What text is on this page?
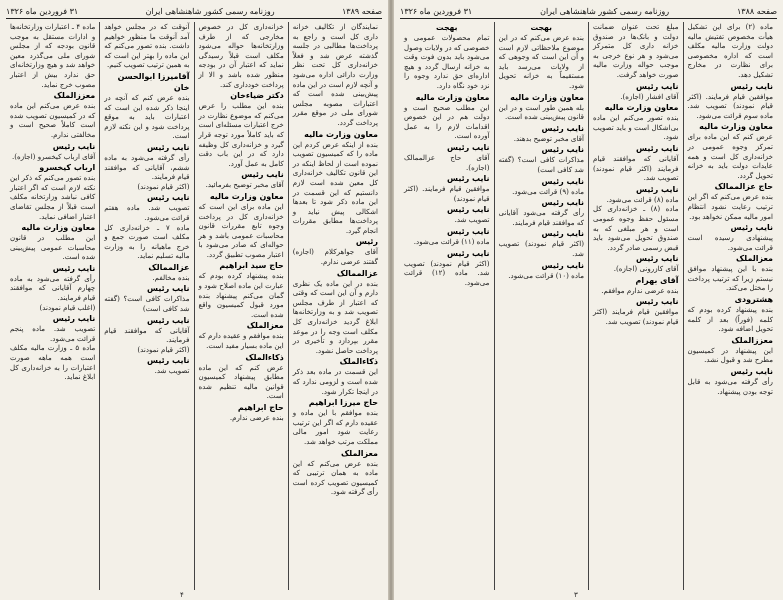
صفحه ۱۳۸۹
روزنامه رسمی کشور شاهنشاهی ایران
۳۱ فروردین ماه ۱۳۲۶

نمایندگان از تکالیف خزانه داری کل است و راجع به پرداخت‌ها مطالبی در جلسه گذشته عرض شد و فعلاً خزانه‌داری کل تحت نظر وزارت دارائی اداره می‌شود و آنچه لازم است در این ماده پیش‌بینی شده است که اعتبارات مصوبه مجلس شورای ملی در موقع مقرر پرداخت گردد.

معاون وزارت مالیه

بنده از اینکه عرض کردم این ماده را که کمیسیون تصویب نموده است از لحاظ اینکه در این قانون تکالیف خزانه‌داری کل معین شده است لازم دانستیم که این قسمت در این ماده ذکر شود تا بعدها اشکالی پیش نیاید و پرداخت‌ها مطابق مقررات انجام گیرد.

رئیس

آقای جواهرکلام (اجازه) گفتند عرضی ندارم.

عزالممالک

بنده در این ماده یک نظری دارم و آن این است که وقتی که اعتبار از طرف مجلس تصویب شد و به وزارتخانه‌ها ابلاغ گردید خزانه‌داری کل مکلف است وجه را در موعد مقرر بپردازد و تأخیری در پرداخت حاصل نشود.

ذکاءالملک

این قسمت در ماده بعد ذکر شده است و لزومی ندارد که در اینجا تکرار شود.

حاج میرزا ابراهیم

بنده موافقم با این ماده و عقیده دارم که اگر این ترتیب رعایت شود امور مالی مملکت مرتب خواهد شد.

معزالملک

بنده عرض می‌کنم که این ماده به همان ترتیبی که کمیسیون تصویب کرده است رأی گرفته شود.

خزانه‌داری کل در خصوص مخارجی که از طرف وزارتخانه‌ها حواله می‌شود مکلف است قبلاً رسیدگی نماید که اعتبار آن در بودجه منظور شده باشد و الا از پرداخت خودداری کند.

دکتر ضیاءخان

بنده این مطلب را عرض می‌کنم که موضوع نظارت در خرج اعتبارات مسئله‌ای است که باید کاملاً مورد توجه قرار گیرد و خزانه‌داری کل وظیفه دارد که در این باب دقت کامل به عمل آورد.

نایب رئیس

آقای مخبر توضیح بفرمائید.

معاون وزارت مالیه

این ماده برای این است که خزانه‌داری کل در پرداخت وجوه تابع مقررات قانون محاسبات عمومی باشد و هر حواله‌ای که صادر می‌شود با اعتبار مصوب تطبیق گردد.

حاج سید ابراهیم

بنده پیشنهاد کرده بودم که عبارت این ماده اصلاح شود و گمان می‌کنم پیشنهاد بنده مورد قبول کمیسیون واقع شده است.

معزالملک

بنده موافقم و عقیده دارم که این ماده بسیار مفید است.

ذکاءالملک

عرض کنم که این ماده مطابق پیشنهاد کمیسیون قوانین مالیه تنظیم شده است.

حاج ابراهیم

بنده عرضی ندارم.

آنوقت که در مجلس خواهد آمد آنوقت ما منظور خواهیم داشت. بنده تصور می‌کنم که این ماده را بهتر این است که به همین ترتیب تصویب کنیم.

آقامیرزا ابوالحسن خان

بنده عرض کنم که آنچه در اینجا ذکر شده این است که اعتبارات باید به موقع پرداخت شود و این نکته لازم است.

نایب رئیس

رأی گرفته می‌شود به ماده ششم، آقایانی که موافقند قیام فرمایند.

(اکثر قیام نمودند)

نایب رئیس

تصویب شد. ماده هفتم قرائت می‌شود.

ماده ۷ ـ خزانه‌داری کل مکلف است صورت جمع و خرج ماهیانه را به وزارت مالیه تسلیم نماید.

عزالممالک

بنده مخالفم.

نایب رئیس

مذاکرات کافی است؟ (گفته شد کافی است)

نایب رئیس

آقایانی که موافقند قیام فرمایند.

(اکثر قیام نمودند)

نایب رئیس

تصویب شد.

ماده ۴ ـ اعتبارات وزارتخانه‌ها و ادارات مستقل به موجب قانون بودجه که از مجلس شورای ملی می‌گذرد معین خواهد شد و هیچ وزارتخانه‌ای حق ندارد بیش از اعتبار مصوب خرج نماید.

معززالملک

بنده عرض می‌کنم این ماده که در کمیسیون تصویب شده است کاملاً صحیح است و مخالفتی ندارم.

نایب رئیس

آقای ارباب کیخسرو (اجازه).

ارباب کیخسرو

بنده تصور می‌کنم که ذکر این نکته لازم است که اگر اعتبار کافی نباشد وزارتخانه مکلف است قبلاً از مجلس تقاضای اعتبار اضافی نماید.

معاون وزارت مالیه

این مطلب در قانون محاسبات عمومی پیش‌بینی شده است.

نایب رئیس

رأی گرفته می‌شود به ماده چهارم آقایانی که موافقند قیام فرمایند.

(اغلب قیام نمودند)

نایب رئیس

تصویب شد. ماده پنجم قرائت می‌شود.

ماده ۵ ـ وزارت مالیه مکلف است همه ماهه صورت اعتبارات را به خزانه‌داری کل ابلاغ نماید.

۴
صفحه ۱۳۸۸
روزنامه رسمی کشور شاهنشاهی ایران
۳۱ فروردین ماه ۱۳۲۶

ماده (۲) برای این تشکیل هیأت مخصوص تفتیش مالیه دولت وزارت مالیه مکلف است که اداره مخصوصی برای نظارت در مخارج تشکیل دهد.

نایب رئیس

موافقین قیام فرمایند. (اکثر قیام نمودند) تصویب شد. ماده سوم قرائت می‌شود.

معاون وزارت مالیه

عرض کنم که این ماده برای تمرکز وجوه عمومی در خزانه‌داری کل است و همه عایدات دولت باید به خزانه تحویل گردد.

حاج عزالممالک

بنده عرض می‌کنم که اگر این ترتیب رعایت نشود انتظام امور مالیه ممکن نخواهد بود.

نایب رئیس

پیشنهادی رسیده است قرائت می‌شود.

معزالملک

بنده با این پیشنهاد موافق نیستم زیرا که ترتیب پرداخت را مختل می‌کند.

هشترودی

بنده پیشنهاد کرده بودم که کلمه (فوراً) بعد از کلمه تحویل اضافه شود.

معززالملک

این پیشنهاد در کمیسیون مطرح شد و قبول نشد.

نایب رئیس

رأی گرفته می‌شود به قابل توجه بودن پیشنهاد.

مبلغ تحت عنوان ضمانت دولت و بانک‌ها در صندوق خزانه داری کل متمرکز می‌شود و هر نوع خرجی به موجب حواله وزارت مالیه صورت خواهد گرفت.

نایب رئیس

آقای افشار (اجازه).

معاون وزارت مالیه

بنده تصور می‌کنم این ماده بی‌اشکال است و باید تصویب شود.

نایب رئیس

آقایانی که موافقند قیام فرمایند (اکثر قیام نمودند) تصویب شد.

نایب رئیس

ماده (۸) قرائت می‌شود.

ماده (۸) ـ خزانه‌داری کل مسئول حفظ وجوه عمومی است و هر مبلغی که به صندوق تحویل می‌شود باید قبض رسمی صادر گردد.

نایب رئیس

آقای کازرونی (اجازه).

آقای بهرام

بنده عرضی ندارم موافقم.

نایب رئیس

موافقین قیام فرمایند (اکثر قیام نمودند) تصویب شد.

بهجت

بنده عرض می‌کنم که در این موضوع ملاحظاتی لازم است و آن این است که وجوهی که از ولایات می‌رسد باید مستقیماً به خزانه تحویل شود.

معاون وزارت مالیه

بله همین طور است و در این قانون پیش‌بینی شده است.

نایب رئیس

آقای مخبر توضیح بدهند.

نایب رئیس

مذاکرات کافی است؟ (گفته شد کافی است)

نایب رئیس

ماده (۹) قرائت می‌شود.

نایب رئیس

رأی گرفته می‌شود آقایانی که موافقند قیام فرمایند.

نایب رئیس

(اکثر قیام نمودند) تصویب شد.

نایب رئیس

ماده (۱۰) قرائت می‌شود.

بهجت

تمام محصولات عمومی و خصوصی که در ولایات وصول می‌شود باید بدون فوت وقت به خزانه ارسال گردد و هیچ اداره‌ای حق ندارد وجوه را نزد خود نگاه دارد.

معاون وزارت مالیه

این مطلب صحیح است و دولت هم در این خصوص اقدامات لازم را به عمل آورده است.

نایب رئیس

آقای حاج عزالممالک (اجازه).

نایب رئیس

موافقین قیام فرمایند. (اکثر قیام نمودند)

نایب رئیس

تصویب شد.

نایب رئیس

ماده (۱۱) قرائت می‌شود.

نایب رئیس

(اکثر قیام نمودند) تصویب شد. ماده (۱۲) قرائت می‌شود.

۳
